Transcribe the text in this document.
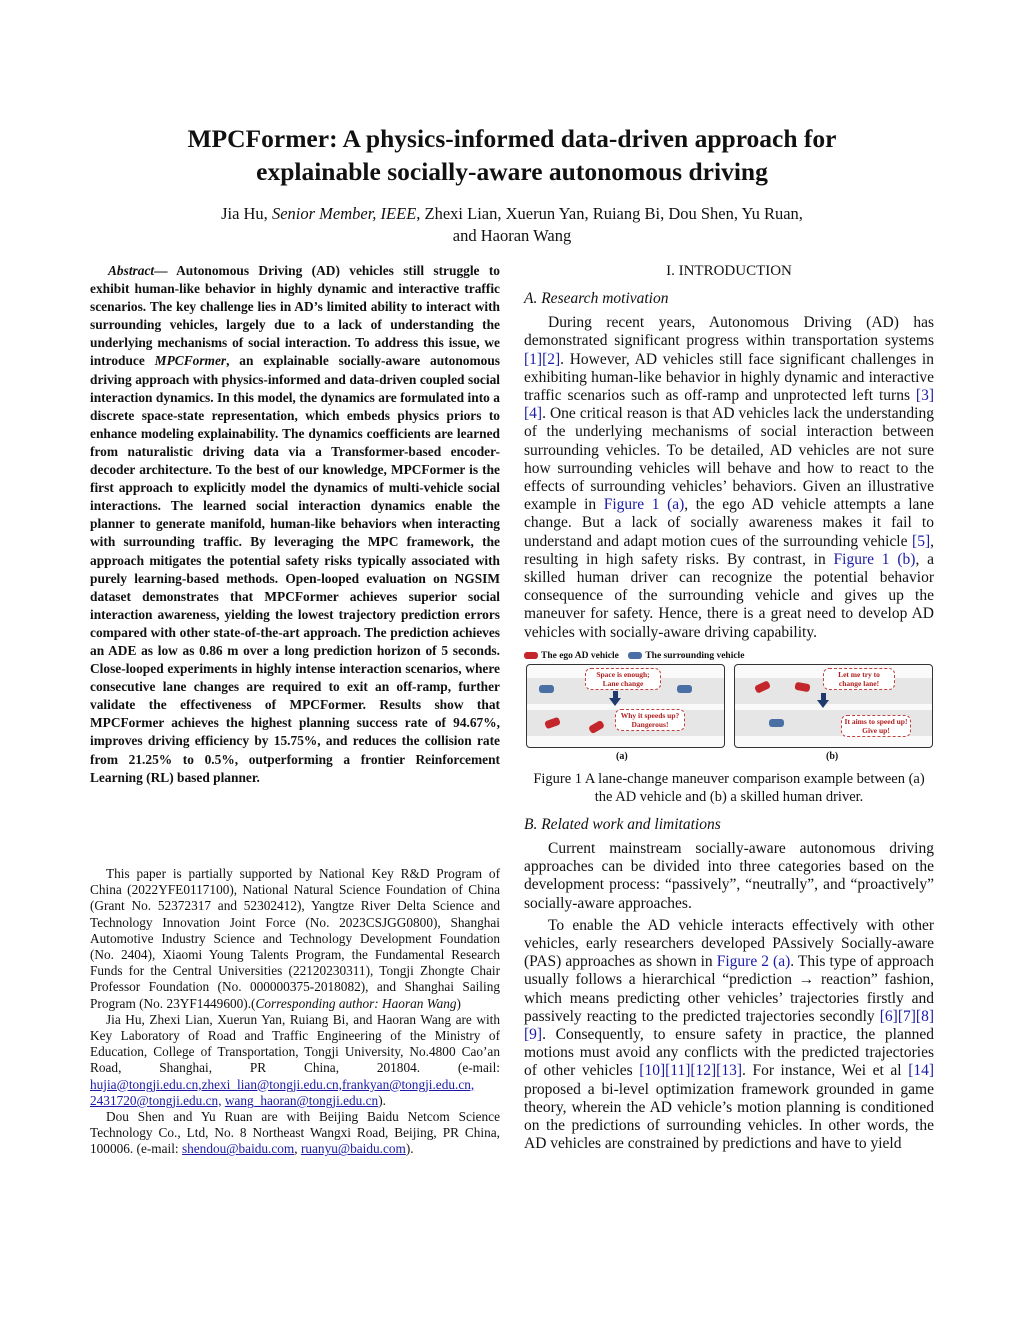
MPCFormer: A physics-informed data-driven approach for
explainable socially-aware autonomous driving
Jia Hu, Senior Member, IEEE, Zhexi Lian, Xuerun Yan, Ruiang Bi, Dou Shen, Yu Ruan,
and Haoran Wang

Abstract— Autonomous Driving (AD) vehicles still struggle to exhibit human-like behavior in highly dynamic and interactive traffic scenarios. The key challenge lies in AD’s limited ability to interact with surrounding vehicles, largely due to a lack of understanding the underlying mechanisms of social interaction. To address this issue, we introduce MPCFormer, an explainable socially-aware autonomous driving approach with physics-informed and data-driven coupled social interaction dynamics. In this model, the dynamics are formulated into a discrete space-state representation, which embeds physics priors to enhance modeling explainability. The dynamics coefficients are learned from naturalistic driving data via a Transformer-based encoder-decoder architecture. To the best of our knowledge, MPCFormer is the first approach to explicitly model the dynamics of multi-vehicle social interactions. The learned social interaction dynamics enable the planner to generate manifold, human-like behaviors when interacting with surrounding traffic. By leveraging the MPC framework, the approach mitigates the potential safety risks typically associated with purely learning-based methods. Open-looped evaluation on NGSIM dataset demonstrates that MPCFormer achieves superior social interaction awareness, yielding the lowest trajectory prediction errors compared with other state-of-the-art approach. The prediction achieves an ADE as low as 0.86 m over a long prediction horizon of 5 seconds. Close-looped experiments in highly intense interaction scenarios, where consecutive lane changes are required to exit an off-ramp, further validate the effectiveness of MPCFormer. Results show that MPCFormer achieves the highest planning success rate of 94.67%, improves driving efficiency by 15.75%, and reduces the collision rate from 21.25% to 0.5%, outperforming a frontier Reinforcement Learning (RL) based planner.

This paper is partially supported by National Key R&D Program of China (2022YFE0117100), National Natural Science Foundation of China (Grant No. 52372317 and 52302412), Yangtze River Delta Science and Technology Innovation Joint Force (No. 2023CSJGG0800), Shanghai Automotive Industry Science and Technology Development Foundation (No. 2404), Xiaomi Young Talents Program, the Fundamental Research Funds for the Central Universities (22120230311), Tongji Zhongte Chair Professor Foundation (No. 000000375-2018082), and Shanghai Sailing Program (No. 23YF1449600).(Corresponding author: Haoran Wang)

Jia Hu, Zhexi Lian, Xuerun Yan, Ruiang Bi, and Haoran Wang are with Key Laboratory of Road and Traffic Engineering of the Ministry of Education, College of Transportation, Tongji University, No.4800 Cao’an Road, Shanghai, PR China, 201804. (e-mail: hujia@tongji.edu.cn,zhexi_lian@tongji.edu.cn,frankyan@tongji.edu.cn, 2431720@tongji.edu.cn, wang_haoran@tongji.edu.cn).

Dou Shen and Yu Ruan are with Beijing Baidu Netcom Science Technology Co., Ltd, No. 8 Northeast Wangxi Road, Beijing, PR China, 100006. (e-mail: shendou@baidu.com, ruanyu@baidu.com).

I. INTRODUCTION

A. Research motivation

During recent years, Autonomous Driving (AD) has demonstrated significant progress within transportation systems [1][2]. However, AD vehicles still face significant challenges in exhibiting human-like behavior in highly dynamic and interactive traffic scenarios such as off-ramp and unprotected left turns [3][4]. One critical reason is that AD vehicles lack the understanding of the underlying mechanisms of social interaction between surrounding vehicles. To be detailed, AD vehicles are not sure how surrounding vehicles will behave and how to react to the effects of surrounding vehicles’ behaviors. Given an illustrative example in Figure 1 (a), the ego AD vehicle attempts a lane change. But a lack of socially awareness makes it fail to understand and adapt motion cues of the surrounding vehicle [5], resulting in high safety risks. By contrast, in Figure 1 (b), a skilled human driver can recognize the potential behavior consequence of the surrounding vehicle and gives up the maneuver for safety. Hence, there is a great need to develop AD vehicles with socially-aware driving capability.

The ego AD vehicle	The surrounding vehicle
Space is enough; Lane change
Why it speeds up? Dangerous!
Let me try to change lane!
It aims to speed up! Give up!
(a)	(b)

Figure 1 A lane-change maneuver comparison example between (a) the AD vehicle and (b) a skilled human driver.

B. Related work and limitations

Current mainstream socially-aware autonomous driving approaches can be divided into three categories based on the development process: “passively”, “neutrally”, and “proactively” socially-aware approaches.

To enable the AD vehicle interacts effectively with other vehicles, early researchers developed PAssively Socially-aware (PAS) approaches as shown in Figure 2 (a). This type of approach usually follows a hierarchical “prediction → reaction” fashion, which means predicting other vehicles’ trajectories firstly and passively reacting to the predicted trajectories secondly [6][7][8][9]. Consequently, to ensure safety in practice, the planned motions must avoid any conflicts with the predicted trajectories of other vehicles [10][11][12][13]. For instance, Wei et al [14] proposed a bi-level optimization framework grounded in game theory, wherein the AD vehicle’s motion planning is conditioned on the predictions of surrounding vehicles. In other words, the AD vehicles are constrained by predictions and have to yield
